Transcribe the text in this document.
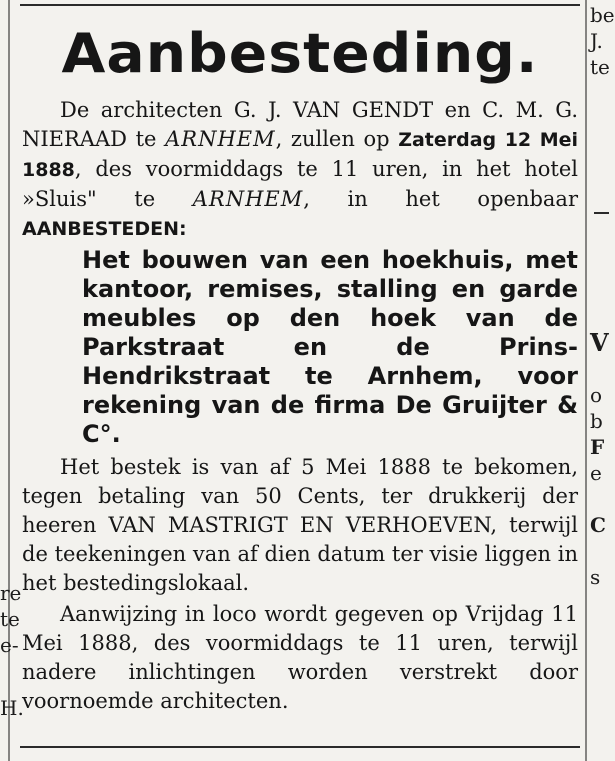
Aanbesteding.

De architecten G. J. VAN GENDT en C. M. G. NIERAAD te ARNHEM, zullen op Zaterdag 12 Mei 1888, des voormiddags te 11 uren, in het hotel »Sluis" te ARNHEM, in het openbaar AANBESTEDEN:

Het bouwen van een hoekhuis, met kantoor, remises, stalling en garde meubles op den hoek van de Parkstraat en de Prins-Hendrikstraat te Arnhem, voor rekening van de firma De Gruijter & C°.

Het bestek is van af 5 Mei 1888 te bekomen, tegen betaling van 50 Cents, ter drukkerij der heeren VAN MASTRIGT EN VERHOEVEN, terwijl de teekeningen van af dien datum ter visie liggen in het bestedingslokaal.

Aanwijzing in loco wordt gegeven op Vrijdag 11 Mei 1888, des voormiddags te 11 uren, terwijl nadere inlichtingen worden verstrekt door voornoemde architecten.

re
te
e-
H.
be
J.
te
V

o
b
F
e

C

s
